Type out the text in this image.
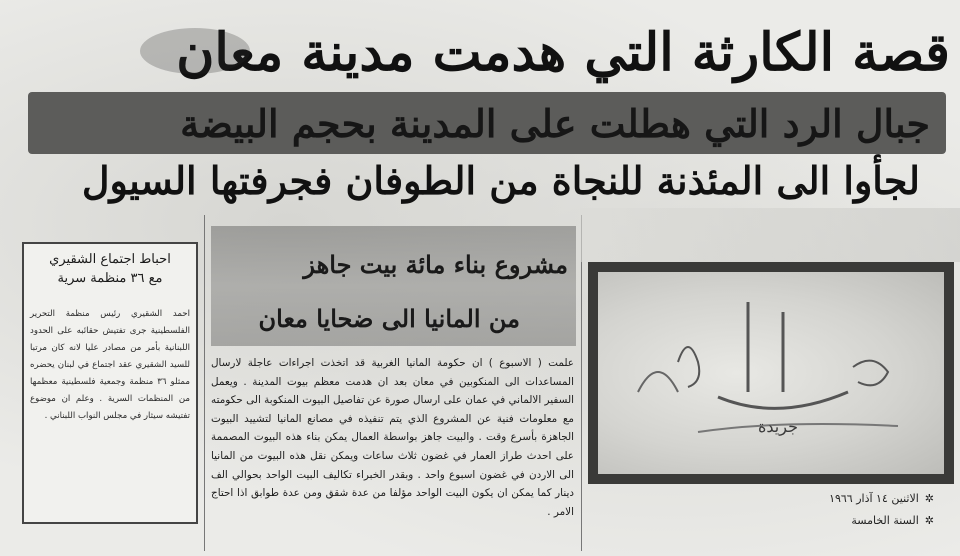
قصة الكارثة التي هدمت مدينة معان
جبال الرد التي هطلت على المدينة بحجم البيضة
لجأوا الى المئذنة للنجاة من الطوفان فجرفتها السيول
احباط اجتماع الشقيري
مع ٣٦ منظمة سرية
احمد الشقيري رئيس منظمة التحرير الفلسطينية جرى تفتيش حقائبه على الحدود اللبنانية بأمر من مصادر عليا لانه كان مرتبا للسيد الشقيري عقد اجتماع في لبنان يحضره ممثلو ٣٦ منظمة وجمعية فلسطينية معظمها من المنظمات السرية . وعلم ان موضوع تفتيشه سيثار في مجلس النواب اللبناني .
مشروع بناء مائة بيت جاهز
من المانيا الى ضحايا معان
علمت ( الاسبوع ) ان حكومة المانيا الغربية قد اتخذت اجراءات عاجلة لارسال المساعدات الى المنكوبين في معان بعد ان هدمت معظم بيوت المدينة . ويعمل السفير الالماني في عمان على ارسال صورة عن تفاصيل البيوت المنكوبة الى حكومته مع معلومات فنية عن المشروع الذي يتم تنفيذه في مصانع المانيا لتشييد البيوت الجاهزة بأسرع وقت . والبيت جاهز بواسطة العمال يمكن بناء هذه البيوت المصممة على احدث طراز العمار في غضون ثلاث ساعات ويمكن نقل هذه البيوت من المانيا الى الاردن في غضون اسبوع واحد . وبقدر الخبراء تكاليف البيت الواحد بحوالي الف دينار كما يمكن ان يكون البيت الواحد مؤلفا من عدة شقق ومن عدة طوابق اذا احتاج الامر .
جريدة
✲الاثنين ١٤ آذار ١٩٦٦
✲السنة الخامسة
